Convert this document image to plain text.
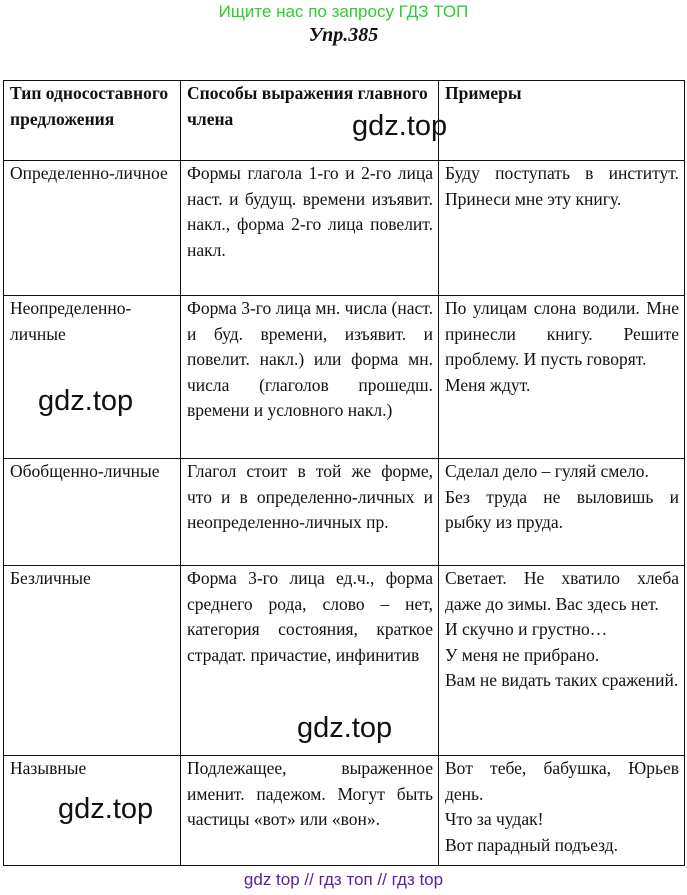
Ищите нас по запросу ГДЗ ТОП
Упр.385
Тип односоставного предложения	Способы выражения главного члена	Примеры
Определенно-личное	Формы глагола 1-го и 2-го лица наст. и будущ. времени изъявит. накл., форма 2-го лица повелит. накл.	Буду поступать в институт. Принеси мне эту книгу.

Неопределенно-личные	Форма 3-го лица мн. числа (наст. и буд. времени, изъявит. и повелит. накл.) или форма мн. числа (глаголов прошедш. времени и условного накл.)	По улицам слона водили. Мне принесли книгу. Решите проблему. И пусть говорят.
Меня ждут.

Обобщенно-личные	Глагол стоит в той же форме, что и в определенно-личных и неопределенно-личных пр.	Сделал дело – гуляй смело.
Без труда не выловишь и рыбку из пруда.

Безличные	Форма 3-го лица ед.ч., форма среднего рода, слово – нет, категория состояния, краткое страдат. причастие, инфинитив	Светает. Не хватило хлеба даже до зимы. Вас здесь нет.
И скучно и грустно…
У меня не прибрано.
Вам не видать таких сражений.

Назывные	Подлежащее, выраженное именит. падежом. Могут быть частицы «вот» или «вон».	Вот тебе, бабушка, Юрьев день.
Что за чудак!
Вот парадный подъезд.
gdz.top
gdz.top
gdz.top
gdz.top
gdz top // гдз топ // гдз top
